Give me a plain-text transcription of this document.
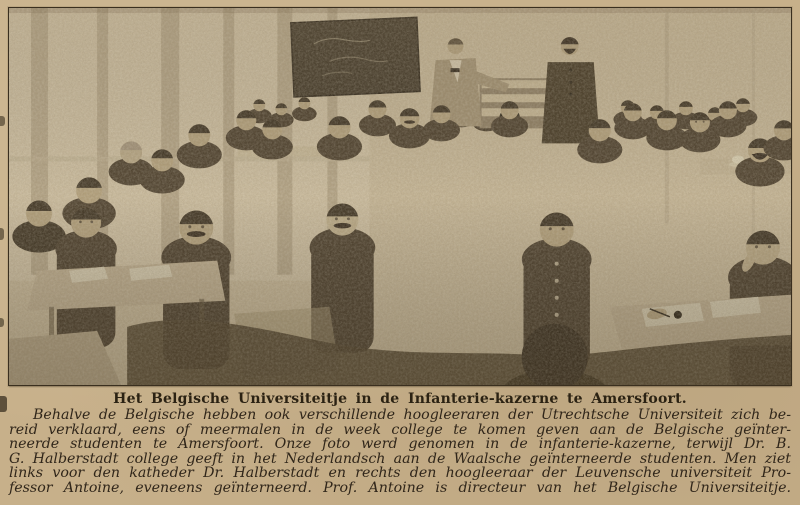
Het Belgische Universiteitje in de Infanterie-kazerne te Amersfoort.
Behalve de Belgische hebben ook verschillende hoogleeraren der Utrechtsche Universiteit zich be-
reid verklaard, eens of meermalen in de week college te komen geven aan de Belgische geïnter-
neerde studenten te Amersfoort. Onze foto werd genomen in de infanterie-kazerne, terwijl Dr. B.
G. Halberstadt college geeft in het Nederlandsch aan de Waalsche geïnterneerde studenten. Men ziet
links voor den katheder Dr. Halberstadt en rechts den hoogleeraar der Leuvensche universiteit Pro-
fessor Antoine, eveneens geïnterneerd. Prof. Antoine is directeur van het Belgische Universiteitje.
